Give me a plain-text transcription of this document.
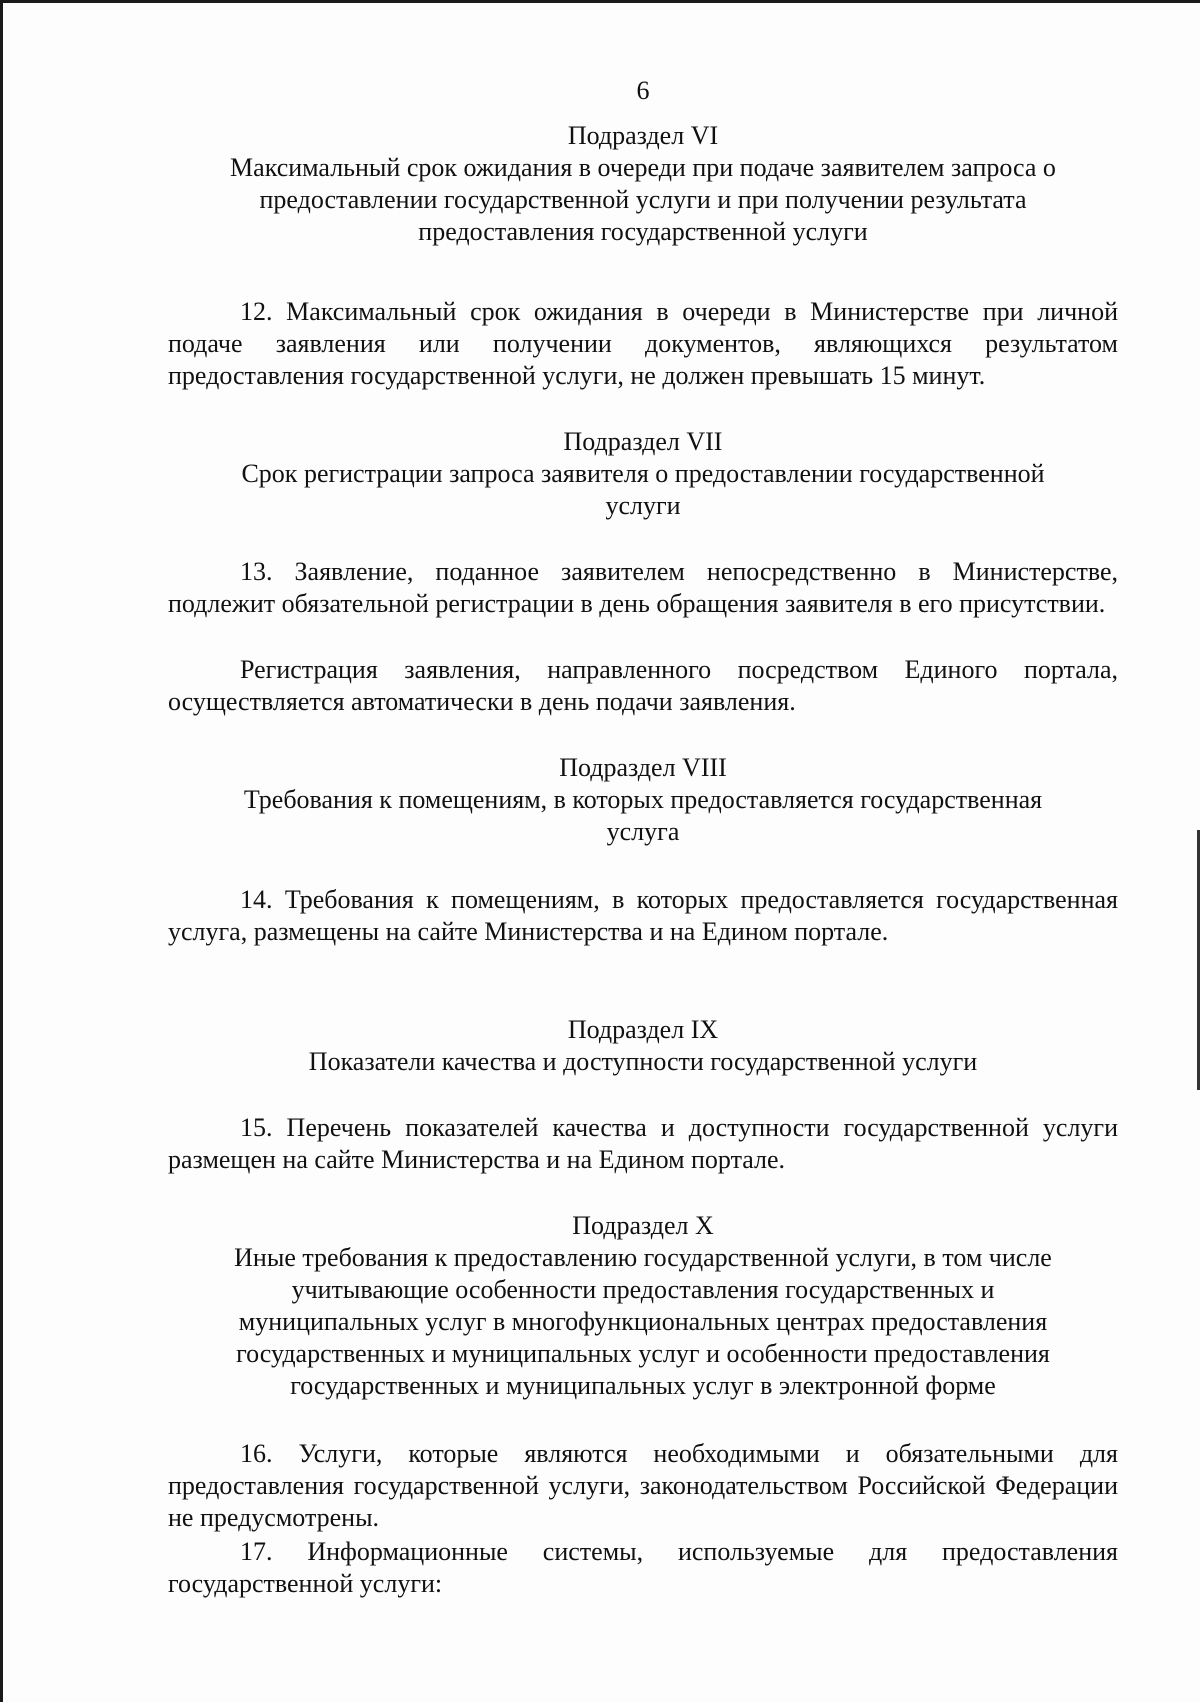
6
Подраздел VI
Максимальный срок ожидания в очереди при подаче заявителем запроса о
предоставлении государственной услуги и при получении результата
предоставления государственной услуги
12. Максимальный срок ожидания в очереди в Министерстве при личной подаче заявления или получении документов, являющихся результатом предоставления государственной услуги, не должен превышать 15 минут.
Подраздел VII
Срок регистрации запроса заявителя о предоставлении государственной
услуги
13. Заявление, поданное заявителем непосредственно в Министерстве, подлежит обязательной регистрации в день обращения заявителя в его присутствии.
Регистрация заявления, направленного посредством Единого портала, осуществляется автоматически в день подачи заявления.
Подраздел VIII
Требования к помещениям, в которых предоставляется государственная
услуга
14. Требования к помещениям, в которых предоставляется государственная услуга, размещены на сайте Министерства и на Едином портале.
Подраздел IX
Показатели качества и доступности государственной услуги
15. Перечень показателей качества и доступности государственной услуги размещен на сайте Министерства и на Едином портале.
Подраздел X
Иные требования к предоставлению государственной услуги, в том числе
учитывающие особенности предоставления государственных и
муниципальных услуг в многофункциональных центрах предоставления
государственных и муниципальных услуг и особенности предоставления
государственных и муниципальных услуг в электронной форме
16. Услуги, которые являются необходимыми и обязательными для предоставления государственной услуги, законодательством Российской Федерации не предусмотрены.
17. Информационные системы, используемые для предоставления государственной услуги:
